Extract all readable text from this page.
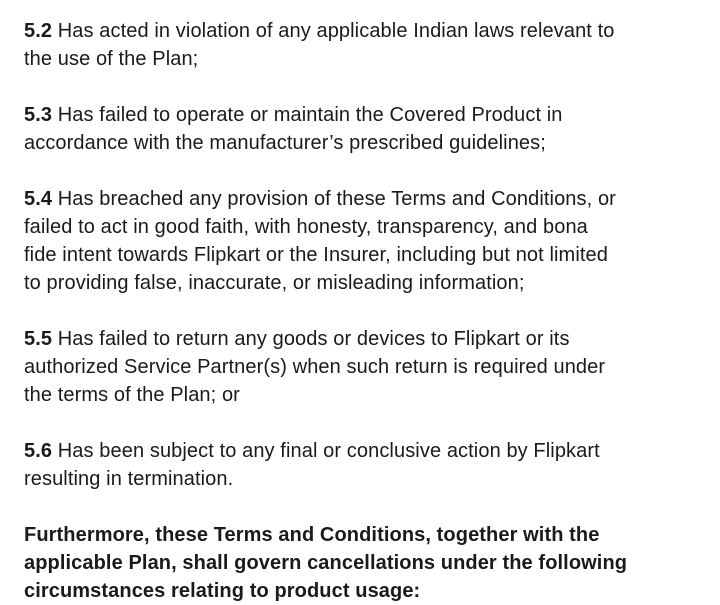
5.2 Has acted in violation of any applicable Indian laws relevant to
the use of the Plan;

5.3 Has failed to operate or maintain the Covered Product in
accordance with the manufacturer’s prescribed guidelines;

5.4 Has breached any provision of these Terms and Conditions, or
failed to act in good faith, with honesty, transparency, and bona
fide intent towards Flipkart or the Insurer, including but not limited
to providing false, inaccurate, or misleading information;

5.5 Has failed to return any goods or devices to Flipkart or its
authorized Service Partner(s) when such return is required under
the terms of the Plan; or

5.6 Has been subject to any final or conclusive action by Flipkart
resulting in termination.

Furthermore, these Terms and Conditions, together with the
applicable Plan, shall govern cancellations under the following
circumstances relating to product usage:
